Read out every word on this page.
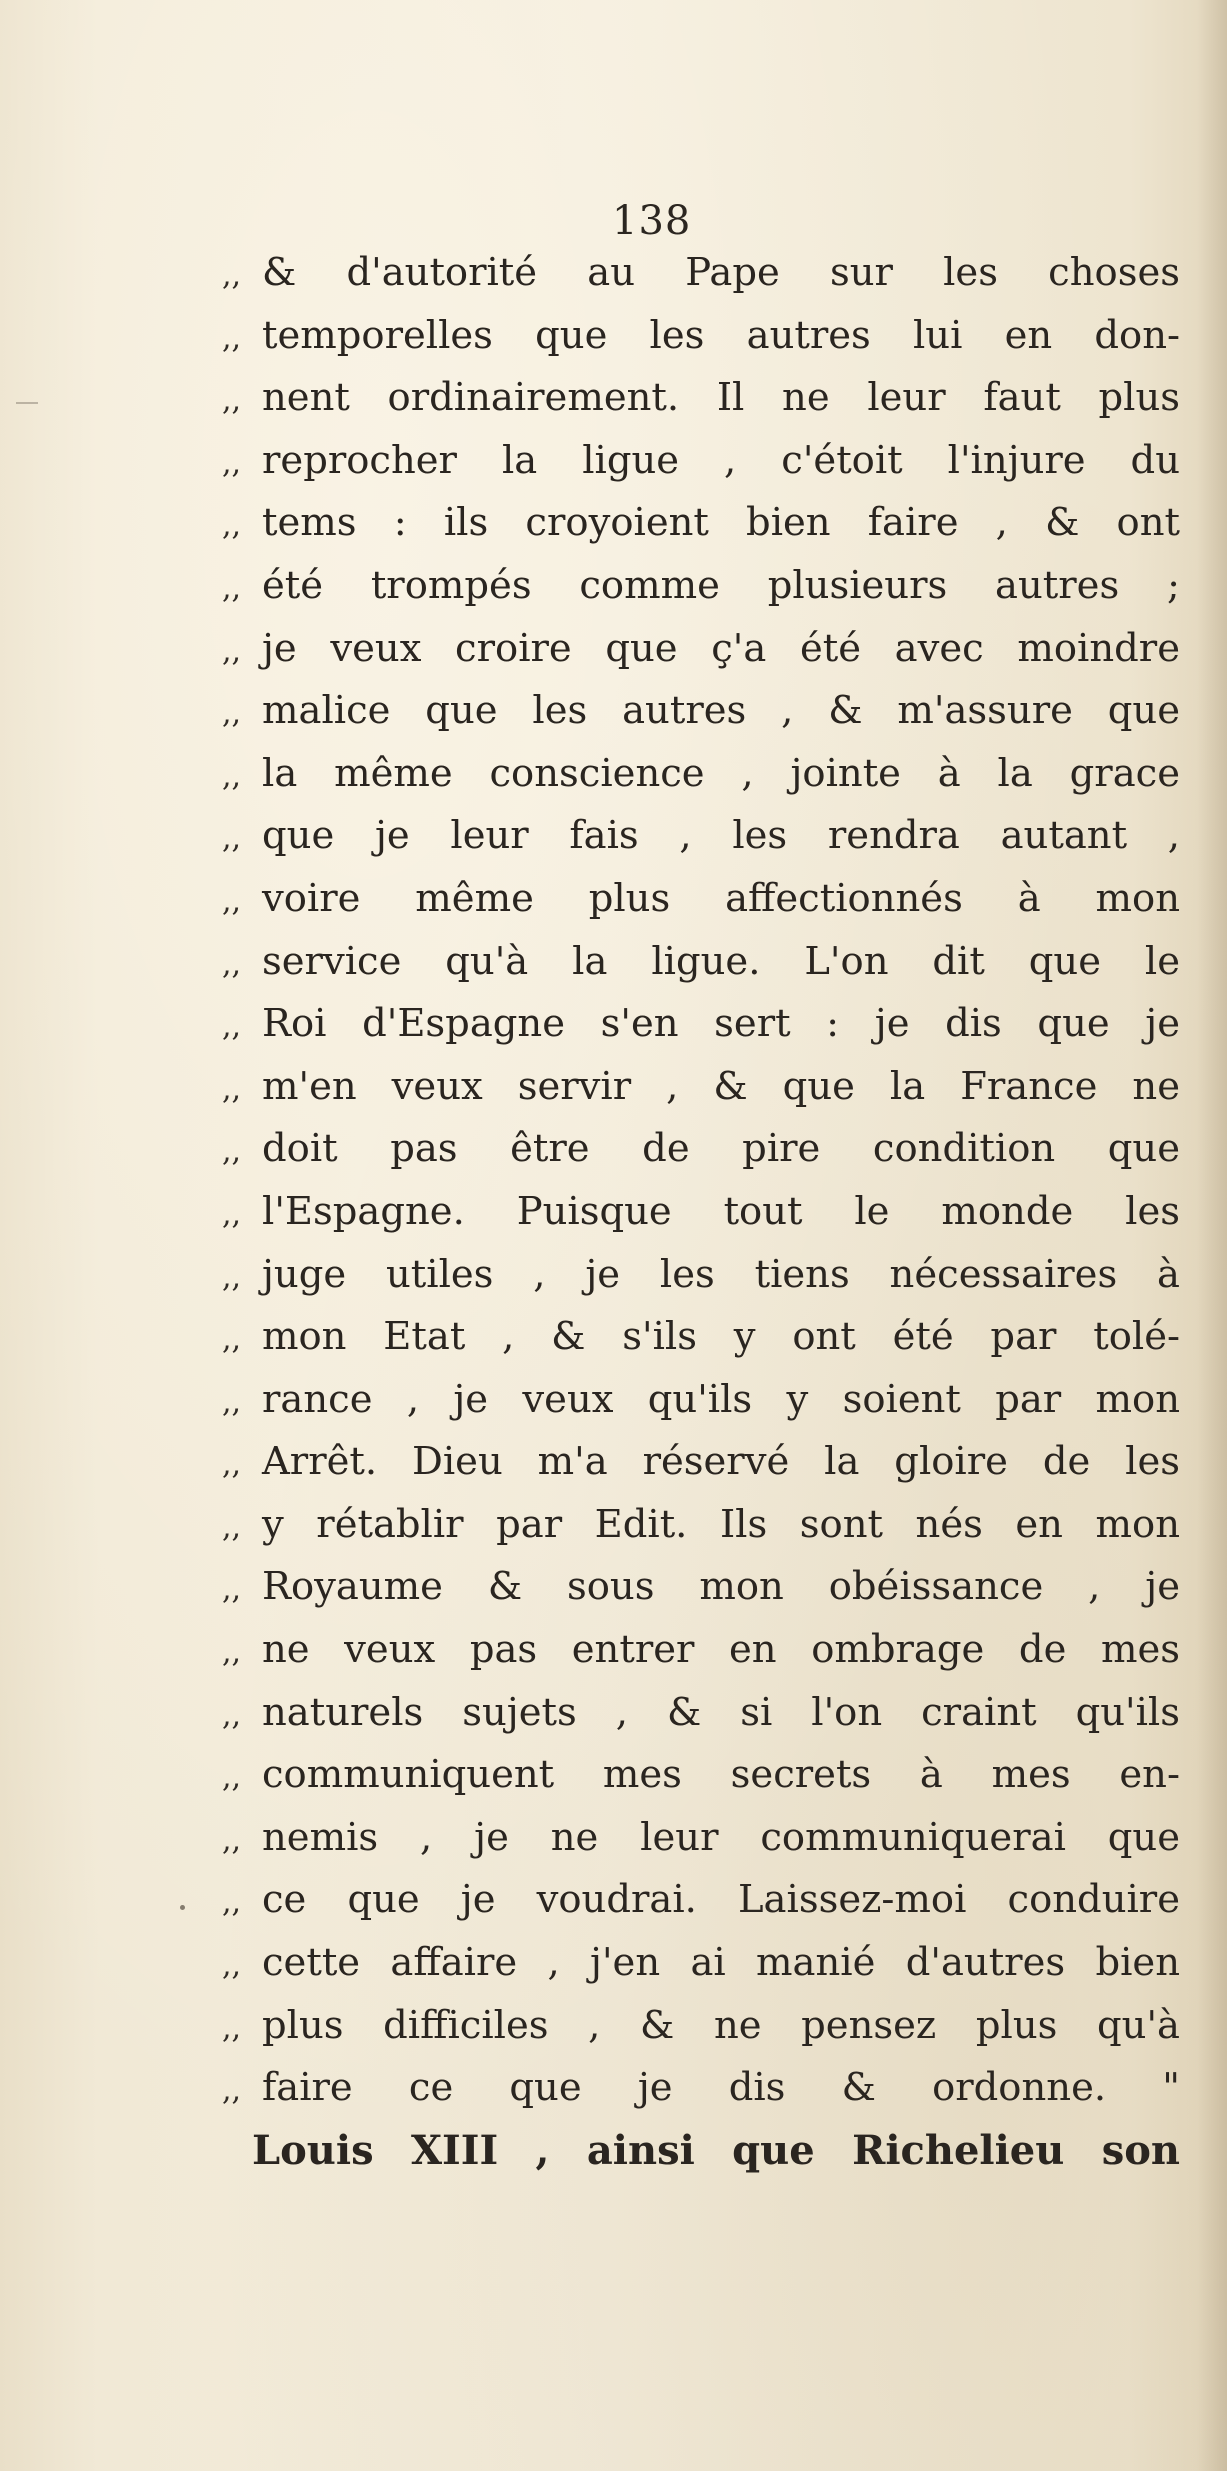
138
,, & d'autorité au Pape sur les choses
,, temporelles que les autres lui en don-
,, nent ordinairement. Il ne leur faut plus
,, reprocher la ligue , c'étoit l'injure du
,, tems : ils croyoient bien faire , & ont
,, été trompés comme plusieurs autres ;
,, je veux croire que ç'a été avec moindre
,, malice que les autres , & m'assure que
,, la même conscience , jointe à la grace
,, que je leur fais , les rendra autant ,
,, voire même plus affectionnés à mon
,, service qu'à la ligue. L'on dit que le
,, Roi d'Espagne s'en sert : je dis que je
,, m'en veux servir , & que la France ne
,, doit pas être de pire condition que
,, l'Espagne. Puisque tout le monde les
,, juge utiles , je les tiens nécessaires à
,, mon Etat , & s'ils y ont été par tolé-
,, rance , je veux qu'ils y soient par mon
,, Arrêt. Dieu m'a réservé la gloire de les
,, y rétablir par Edit. Ils sont nés en mon
,, Royaume & sous mon obéissance , je
,, ne veux pas entrer en ombrage de mes
,, naturels sujets , & si l'on craint qu'ils
,, communiquent mes secrets à mes en-
,, nemis , je ne leur communiquerai que
,, ce que je voudrai. Laissez-moi conduire
,, cette affaire , j'en ai manié d'autres bien
,, plus difficiles , & ne pensez plus qu'à
,, faire ce que je dis & ordonne. "
Louis XIII , ainsi que Richelieu son
